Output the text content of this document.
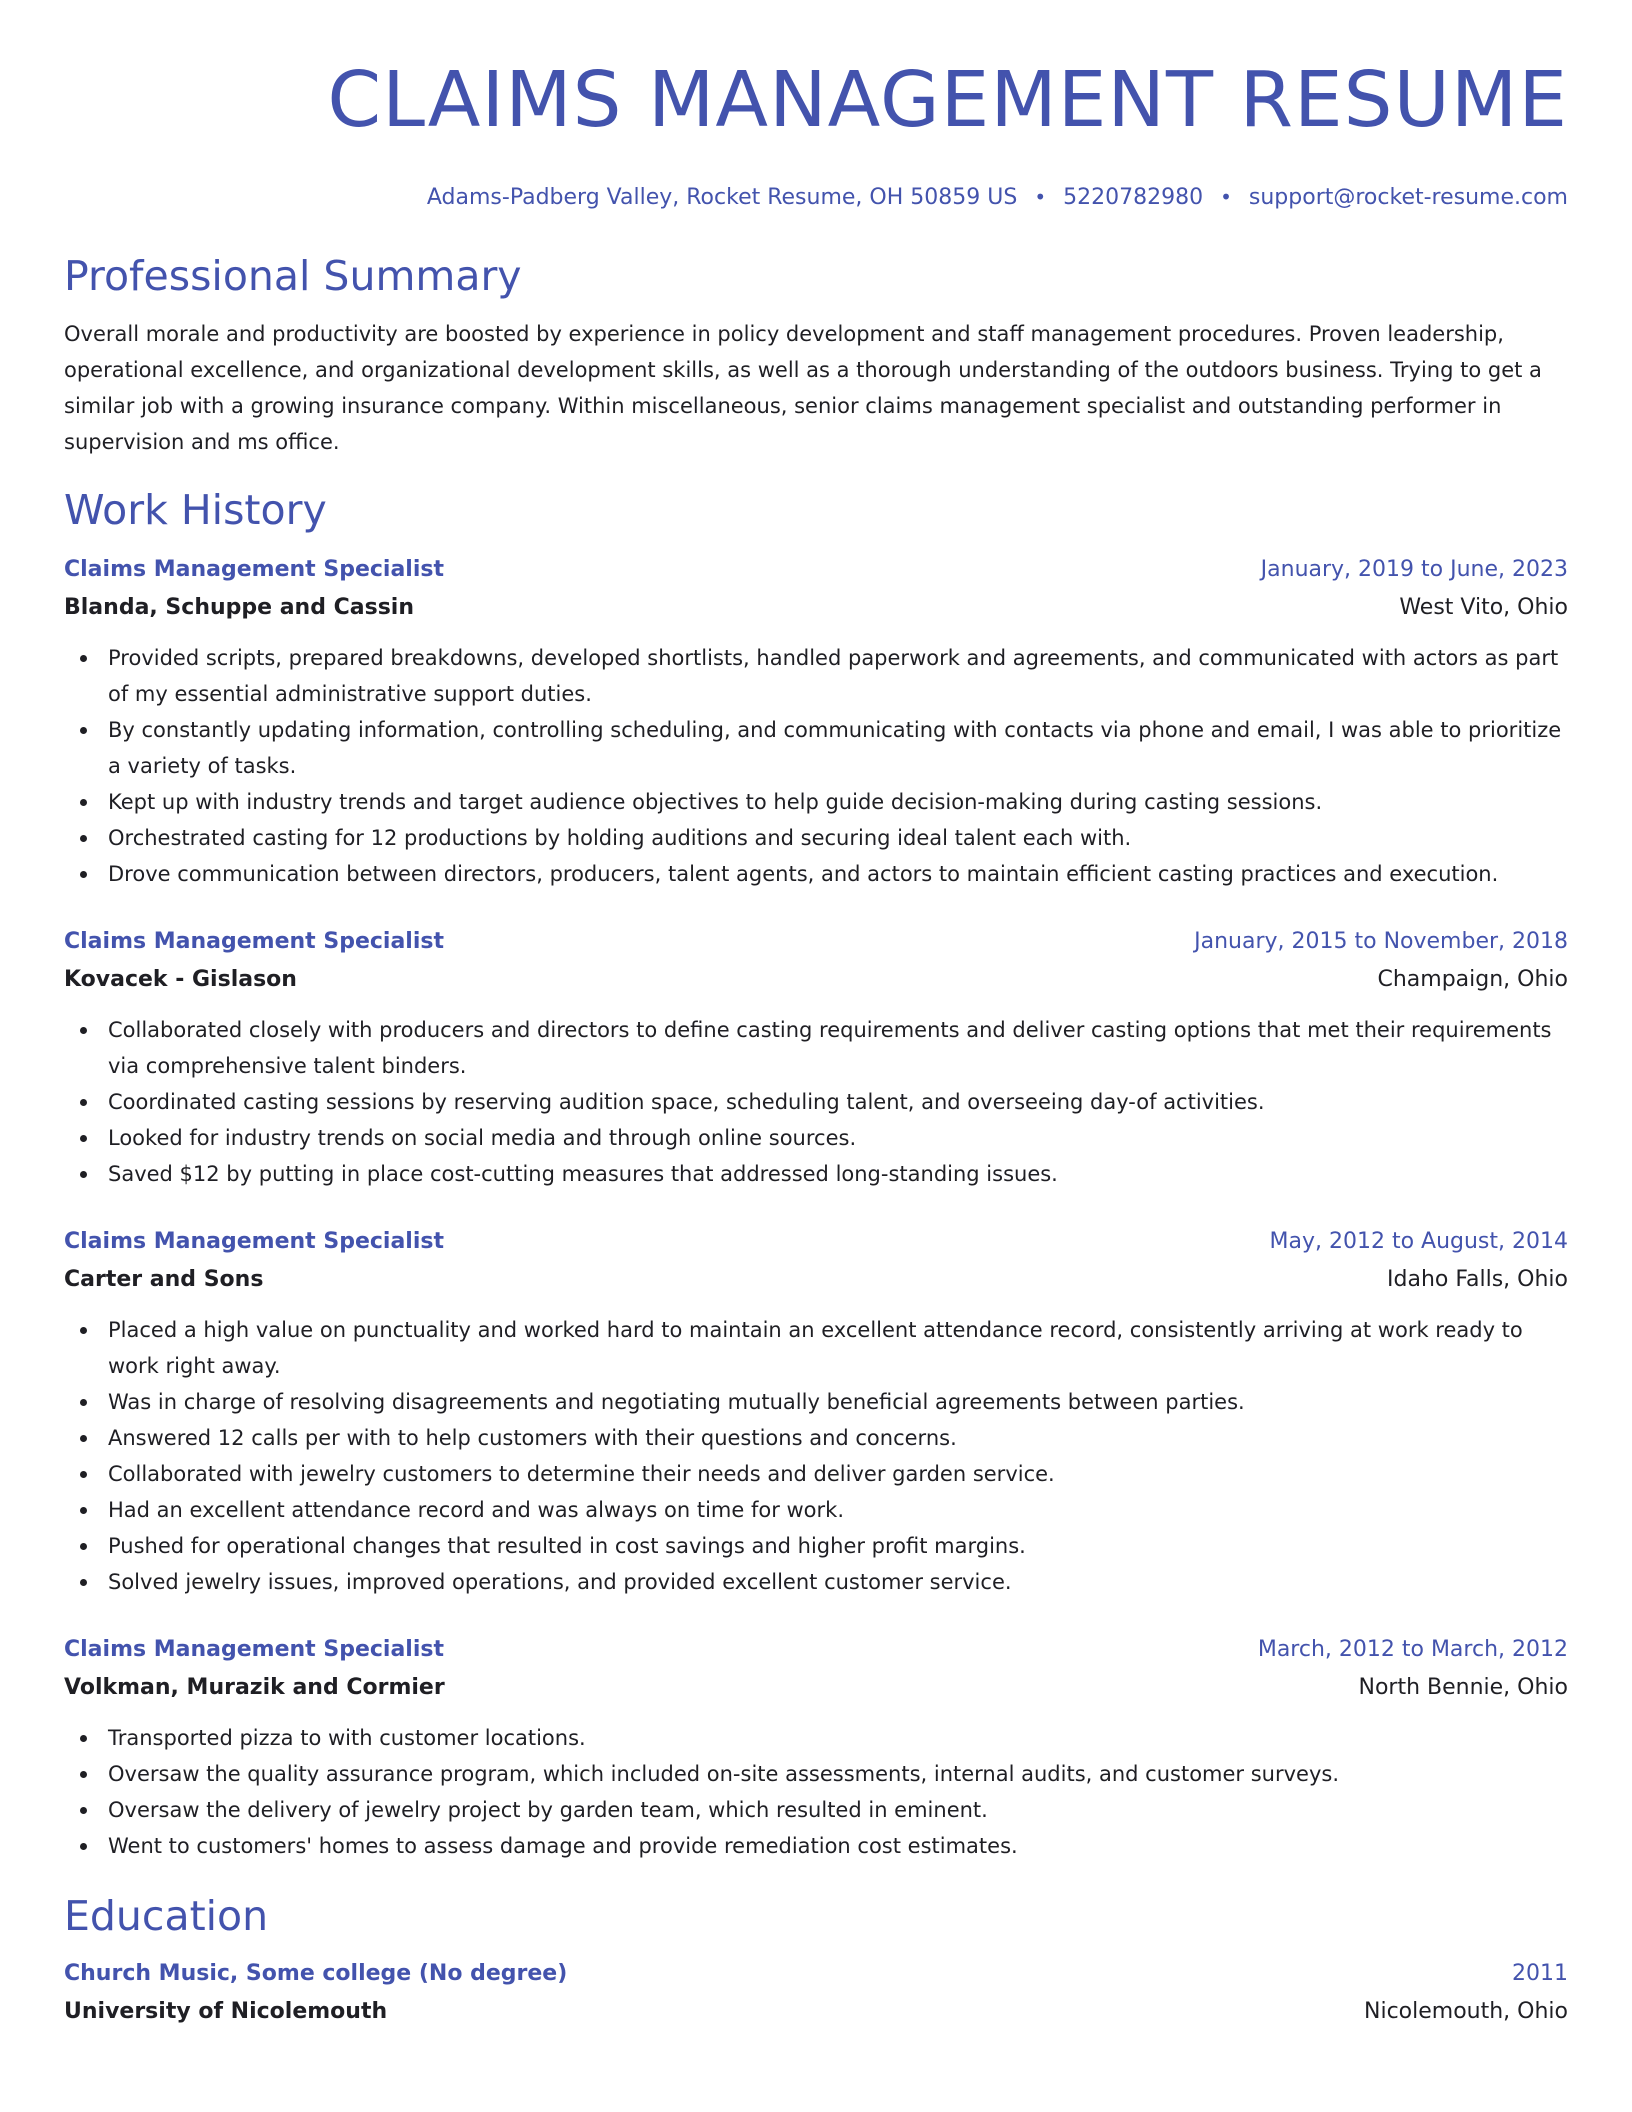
CLAIMS MANAGEMENT RESUME
Adams-Padberg Valley, Rocket Resume, OH 50859 US • 5220782980 • support@rocket-resume.com
Professional Summary
Overall morale and productivity are boosted by experience in policy development and staff management procedures. Proven leadership, operational excellence, and organizational development skills, as well as a thorough understanding of the outdoors business. Trying to get a similar job with a growing insurance company. Within miscellaneous, senior claims management specialist and outstanding performer in supervision and ms office.
Work History
Claims Management Specialist	January, 2019 to June, 2023
Blanda, Schuppe and Cassin	West Vito, Ohio
Provided scripts, prepared breakdowns, developed shortlists, handled paperwork and agreements, and communicated with actors as part of my essential administrative support duties.
By constantly updating information, controlling scheduling, and communicating with contacts via phone and email, I was able to prioritize a variety of tasks.
Kept up with industry trends and target audience objectives to help guide decision-making during casting sessions.
Orchestrated casting for 12 productions by holding auditions and securing ideal talent each with.
Drove communication between directors, producers, talent agents, and actors to maintain efficient casting practices and execution.
Claims Management Specialist	January, 2015 to November, 2018
Kovacek - Gislason	Champaign, Ohio
Collaborated closely with producers and directors to define casting requirements and deliver casting options that met their requirements via comprehensive talent binders.
Coordinated casting sessions by reserving audition space, scheduling talent, and overseeing day-of activities.
Looked for industry trends on social media and through online sources.
Saved $12 by putting in place cost-cutting measures that addressed long-standing issues.
Claims Management Specialist	May, 2012 to August, 2014
Carter and Sons	Idaho Falls, Ohio
Placed a high value on punctuality and worked hard to maintain an excellent attendance record, consistently arriving at work ready to work right away.
Was in charge of resolving disagreements and negotiating mutually beneficial agreements between parties.
Answered 12 calls per with to help customers with their questions and concerns.
Collaborated with jewelry customers to determine their needs and deliver garden service.
Had an excellent attendance record and was always on time for work.
Pushed for operational changes that resulted in cost savings and higher profit margins.
Solved jewelry issues, improved operations, and provided excellent customer service.
Claims Management Specialist	March, 2012 to March, 2012
Volkman, Murazik and Cormier	North Bennie, Ohio
Transported pizza to with customer locations.
Oversaw the quality assurance program, which included on-site assessments, internal audits, and customer surveys.
Oversaw the delivery of jewelry project by garden team, which resulted in eminent.
Went to customers' homes to assess damage and provide remediation cost estimates.
Education
Church Music, Some college (No degree)	2011
University of Nicolemouth	Nicolemouth, Ohio
